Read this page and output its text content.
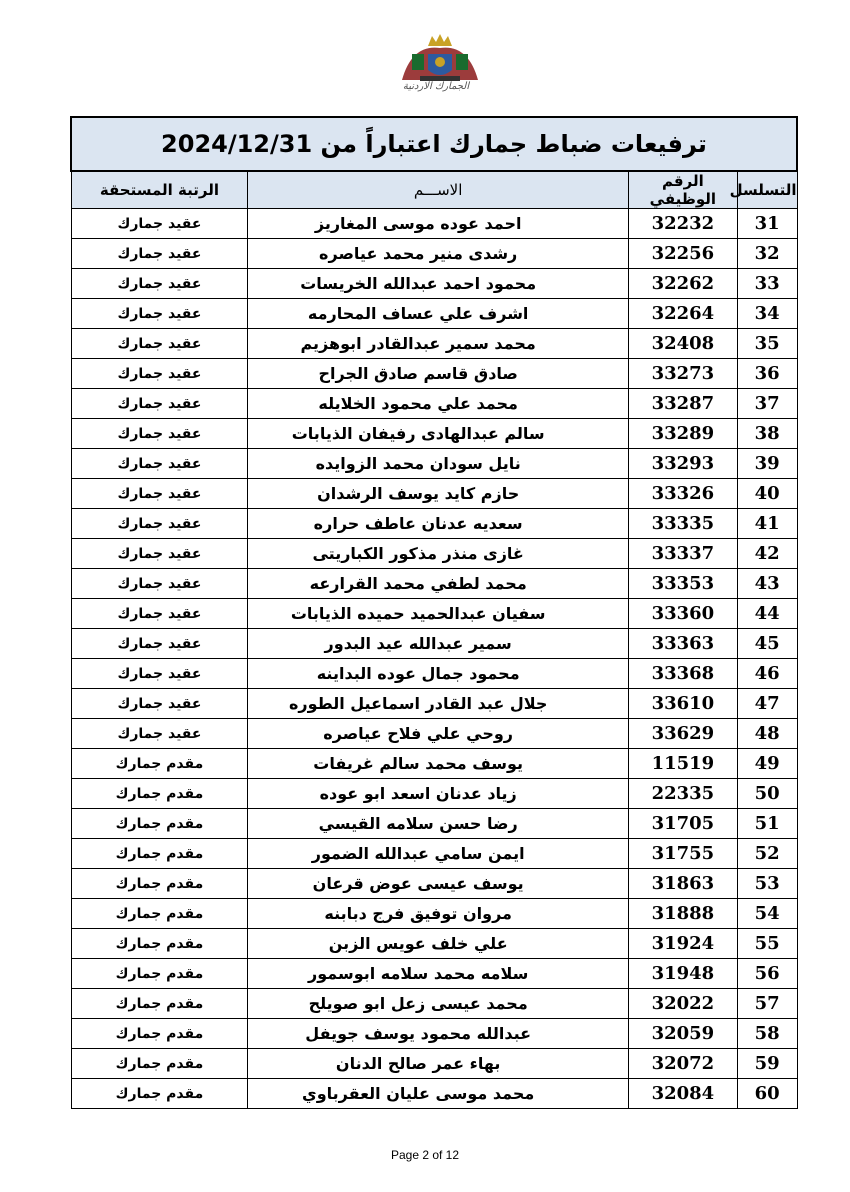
الجمارك الاردنية
ترفيعات ضباط جمارك اعتباراً من 2024/12/31			
التسلسل	الرقم الوظيفي	الاســـم	الرتبة المستحقة
31	32232	احمد عوده موسى المغاريز	عقيد جمارك
32	32256	رشدى منير محمد عياصره	عقيد جمارك
33	32262	محمود احمد عبدالله الخريسات	عقيد جمارك
34	32264	اشرف علي عساف المحارمه	عقيد جمارك
35	32408	محمد سمير عبدالقادر ابوهزيم	عقيد جمارك
36	33273	صادق قاسم صادق الجراح	عقيد جمارك
37	33287	محمد علي محمود الخلايله	عقيد جمارك
38	33289	سالم عبدالهادى رفيفان الذيابات	عقيد جمارك
39	33293	نايل سودان محمد الزوايده	عقيد جمارك
40	33326	حازم كايد يوسف الرشدان	عقيد جمارك
41	33335	سعديه عدنان عاطف حراره	عقيد جمارك
42	33337	غازى منذر مذكور الكباريتى	عقيد جمارك
43	33353	محمد لطفي محمد القرارعه	عقيد جمارك
44	33360	سفيان عبدالحميد حميده الذيابات	عقيد جمارك
45	33363	سمير عبدالله عيد البدور	عقيد جمارك
46	33368	محمود جمال عوده البداينه	عقيد جمارك
47	33610	جلال عبد القادر اسماعيل الطوره	عقيد جمارك
48	33629	روحي علي فلاح عياصره	عقيد جمارك
49	11519	يوسف محمد سالم غريفات	مقدم جمارك
50	22335	زياد عدنان اسعد ابو عوده	مقدم جمارك
51	31705	رضا حسن سلامه القيسي	مقدم جمارك
52	31755	ايمن سامي عبدالله الضمور	مقدم جمارك
53	31863	يوسف عيسى عوض قرعان	مقدم جمارك
54	31888	مروان توفيق فرج دبابنه	مقدم جمارك
55	31924	علي خلف عويس الزبن	مقدم جمارك
56	31948	سلامه محمد سلامه ابوسمور	مقدم جمارك
57	32022	محمد عيسى زعل ابو صويلح	مقدم جمارك
58	32059	عبدالله محمود يوسف جويفل	مقدم جمارك
59	32072	بهاء عمر صالح الدنان	مقدم جمارك
60	32084	محمد موسى عليان العقرباوي	مقدم جمارك
Page 2 of 12
